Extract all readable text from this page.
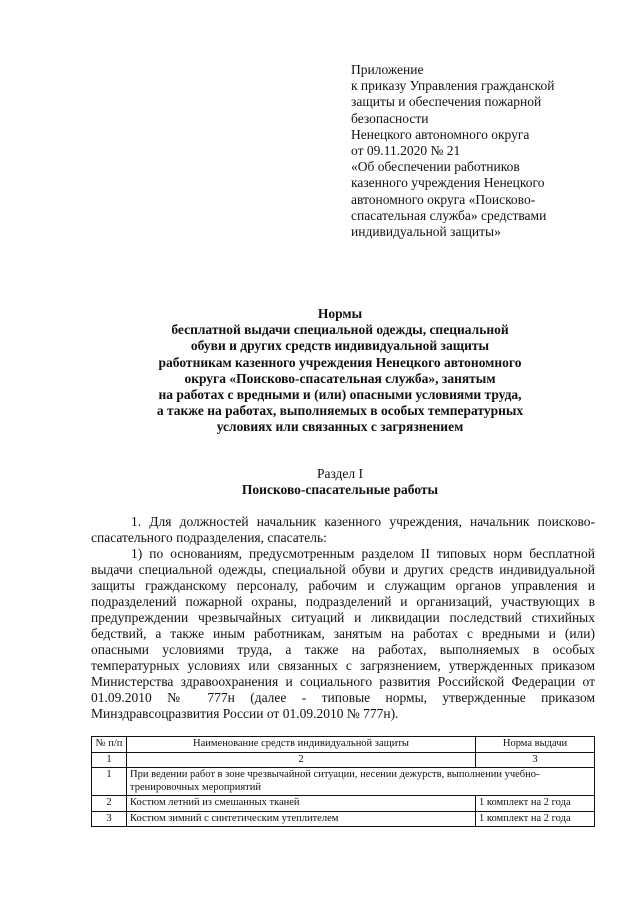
Приложение
к приказу Управления гражданской
защиты и обеспечения пожарной
безопасности
Ненецкого автономного округа
от 09.11.2020 № 21
«Об обеспечении работников
казенного учреждения Ненецкого
автономного округа «Поисково-
спасательная служба» средствами
индивидуальной защиты»
Нормы
бесплатной выдачи специальной одежды, специальной
обуви и других средств индивидуальной защиты
работникам казенного учреждения Ненецкого автономного
округа «Поисково-спасательная служба», занятым
на работах с вредными и (или) опасными условиями труда,
а также на работах, выполняемых в особых температурных
условиях или связанных с загрязнением
Раздел I
Поисково-спасательные работы

1. Для должностей начальник казенного учреждения, начальник поисково-спасательного подразделения, спасатель:

1) по основаниям, предусмотренным разделом II типовых норм бесплатной выдачи специальной одежды, специальной обуви и других средств индивидуальной защиты гражданскому персоналу, рабочим и служащим органов управления и подразделений пожарной охраны, подразделений и организаций, участвующих в предупреждении чрезвычайных ситуаций и ликвидации последствий стихийных бедствий, а также иным работникам, занятым на работах с вредными и (или) опасными условиями труда, а также на работах, выполняемых в особых температурных условиях или связанных с загрязнением, утвержденных приказом Министерства здравоохранения и социального развития Российской Федерации от 01.09.2010 № 777н (далее - типовые нормы, утвержденные приказом Минздравсоцразвития России от 01.09.2010 № 777н).

№ п/п	Наименование средств индивидуальной защиты	Норма выдачи
1	2	3
1	При ведении работ в зоне чрезвычайной ситуации, несении дежурств, выполнении учебно-тренировочных мероприятий	
2	Костюм летний из смешанных тканей	1 комплект на 2 года
3	Костюм зимний с синтетическим утеплителем	1 комплект на 2 года
